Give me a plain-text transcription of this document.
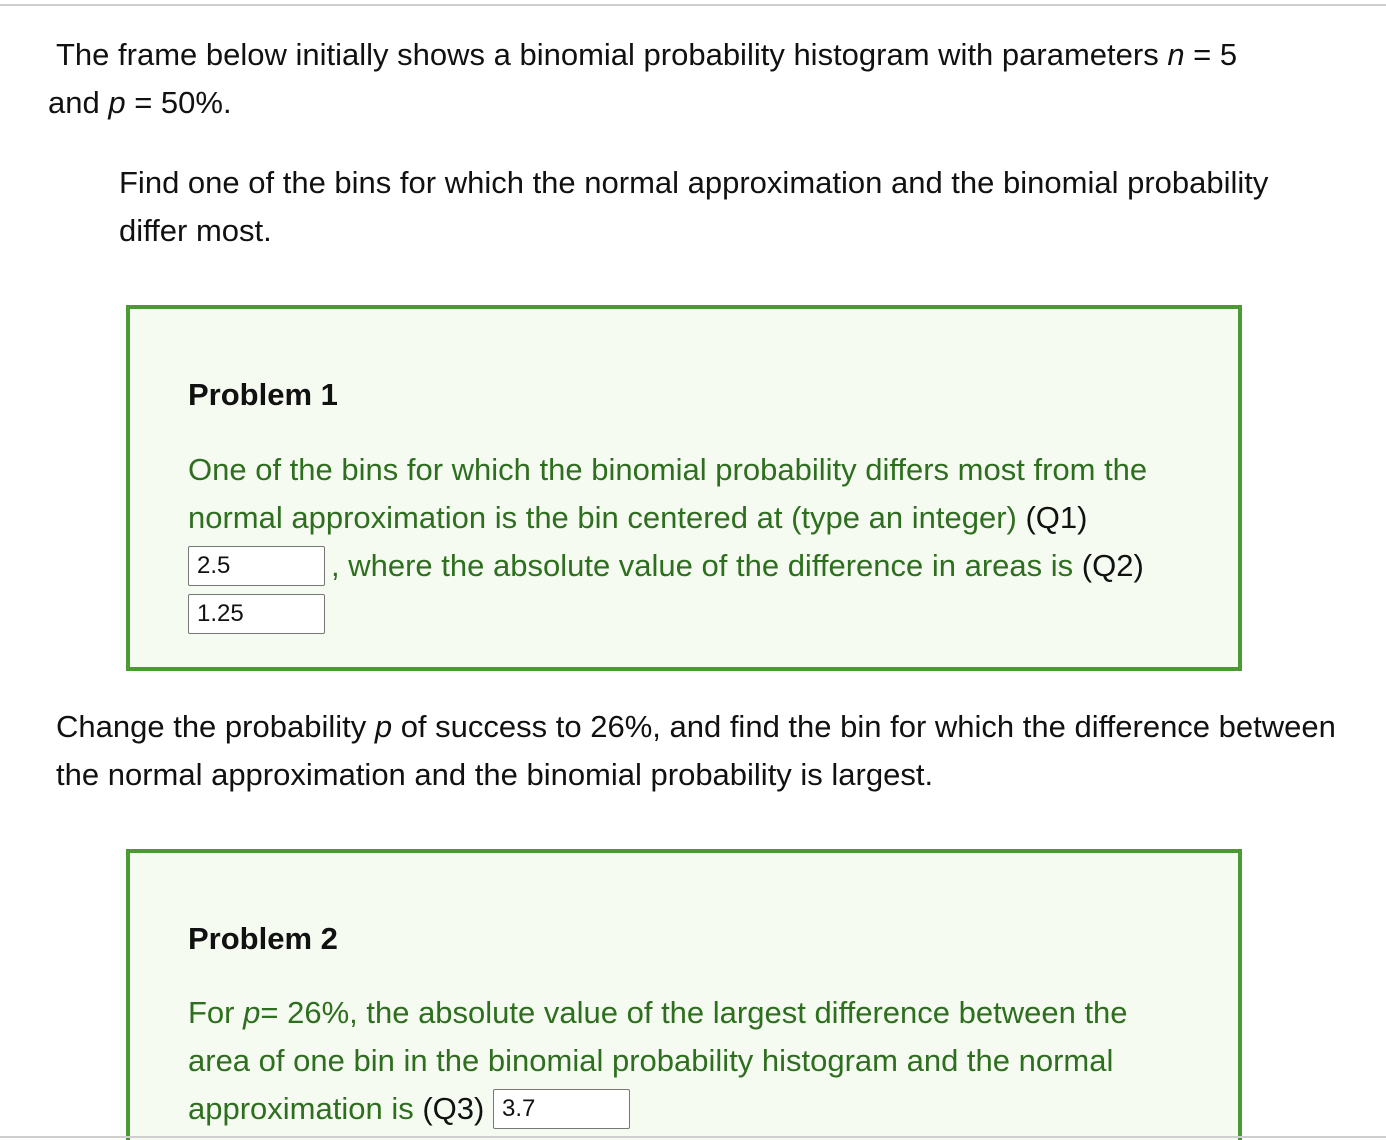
The frame below initially shows a binomial probability histogram with parameters n = 5
and p = 50%.

Find one of the bins for which the normal approximation and the binomial probability differ most.

Problem 1

One of the bins for which the binomial probability differs most from the normal approximation is the bin centered at (type an integer) (Q1)
2.5, where the absolute value of the difference in areas is (Q2)
1.25

Change the probability p of success to 26%, and find the bin for which the difference between the normal approximation and the binomial probability is largest.

Problem 2

For p= 26%, the absolute value of the largest difference between the area of one bin in the binomial probability histogram and the normal approximation is (Q3) 3.7
